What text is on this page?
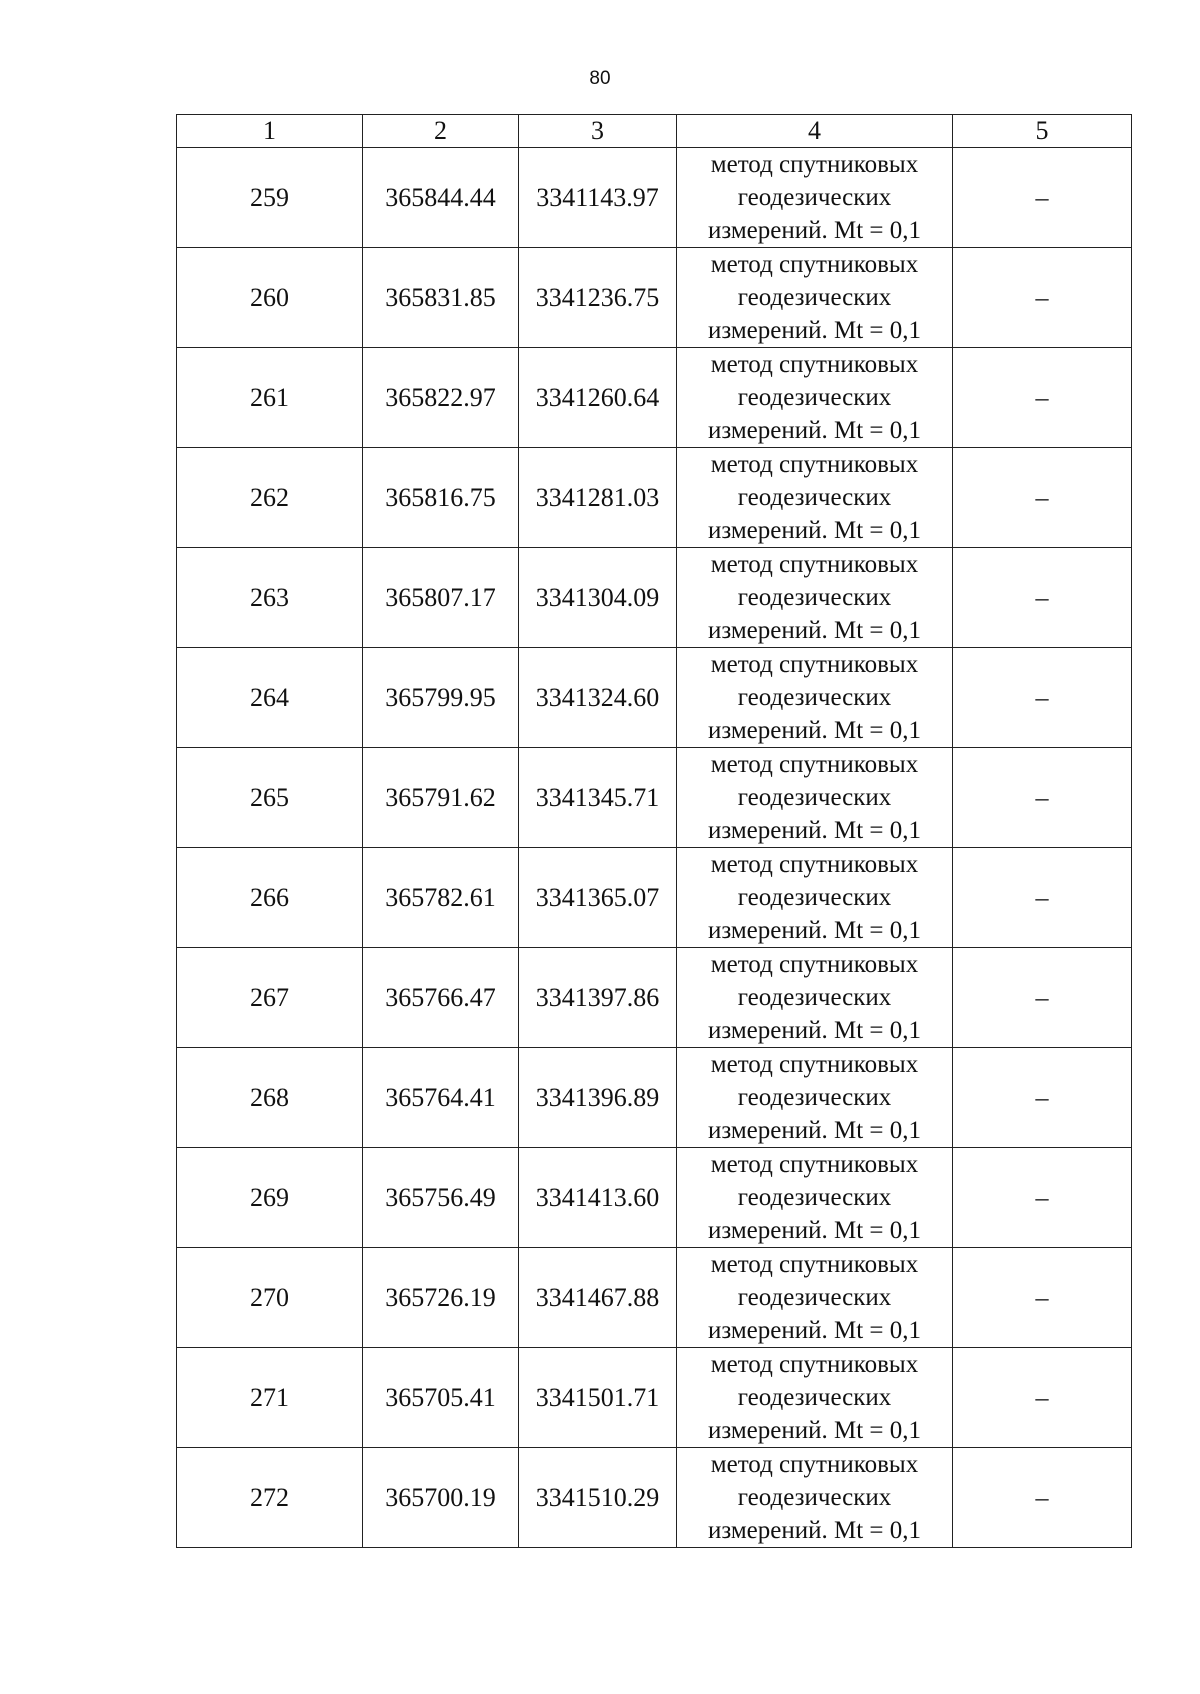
80
1	2	3	4	5
259	365844.44	3341143.97	метод спутниковых
геодезических
измерений. Mt = 0,1	–
260	365831.85	3341236.75	метод спутниковых
геодезических
измерений. Mt = 0,1	–
261	365822.97	3341260.64	метод спутниковых
геодезических
измерений. Mt = 0,1	–
262	365816.75	3341281.03	метод спутниковых
геодезических
измерений. Mt = 0,1	–
263	365807.17	3341304.09	метод спутниковых
геодезических
измерений. Mt = 0,1	–
264	365799.95	3341324.60	метод спутниковых
геодезических
измерений. Mt = 0,1	–
265	365791.62	3341345.71	метод спутниковых
геодезических
измерений. Mt = 0,1	–
266	365782.61	3341365.07	метод спутниковых
геодезических
измерений. Mt = 0,1	–
267	365766.47	3341397.86	метод спутниковых
геодезических
измерений. Mt = 0,1	–
268	365764.41	3341396.89	метод спутниковых
геодезических
измерений. Mt = 0,1	–
269	365756.49	3341413.60	метод спутниковых
геодезических
измерений. Mt = 0,1	–
270	365726.19	3341467.88	метод спутниковых
геодезических
измерений. Mt = 0,1	–
271	365705.41	3341501.71	метод спутниковых
геодезических
измерений. Mt = 0,1	–
272	365700.19	3341510.29	метод спутниковых
геодезических
измерений. Mt = 0,1	–
